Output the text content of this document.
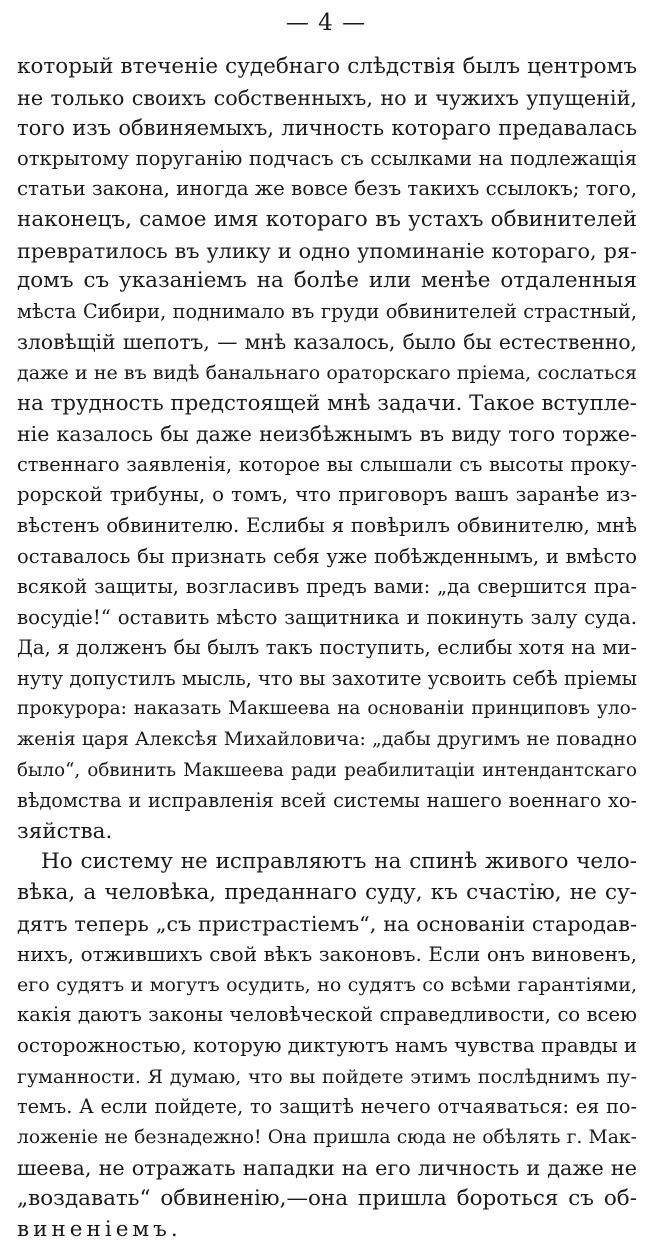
— 4 —
который втеченіе судебнаго слѣдствія былъ центромъ
не только своихъ собственныхъ, но и чужихъ упущеній,
того изъ обвиняемыхъ, личность котораго предавалась
открытому поруганію подчасъ съ ссылками на подлежащія
статьи закона, иногда же вовсе безъ такихъ ссылокъ; того,
наконецъ, самое имя котораго въ устахъ обвинителей
превратилось въ улику и одно упоминаніе котораго, ря-
домъ съ указаніемъ на болѣе или менѣе отдаленныя
мѣста Сибири, поднимало въ груди обвинителей страстный,
зловѣщій шепотъ, — мнѣ казалось, было бы естественно,
даже и не въ видѣ банальнаго ораторскаго пріема, сослаться
на трудность предстоящей мнѣ задачи. Такое вступле-
ніе казалось бы даже неизбѣжнымъ въ виду того торже-
ственнаго заявленія, которое вы слышали съ высоты проку-
рорской трибуны, о томъ, что приговоръ вашъ заранѣе из-
вѣстенъ обвинителю. Еслибы я повѣрилъ обвинителю, мнѣ
оставалось бы признать себя уже побѣжденнымъ, и вмѣсто
всякой защиты, возгласивъ предъ вами: „да свершится пра-
восудіе!“ оставить мѣсто защитника и покинуть залу суда.
Да, я долженъ бы былъ такъ поступить, еслибы хотя на ми-
нуту допустилъ мысль, что вы захотите усвоить себѣ пріемы
прокурора: наказать Макшеева на основаніи принциповъ уло-
женія царя Алексѣя Михайловича: „дабы другимъ не повадно
было“, обвинить Макшеева ради реабилитаціи интендантскаго
вѣдомства и исправленія всей системы нашего военнаго хо-
зяйства.
Но систему не исправляютъ на спинѣ живого чело-
вѣка, а человѣка, преданнаго суду, къ счастію, не су-
дятъ теперь „съ пристрастіемъ“, на основаніи стародав-
нихъ, отжившихъ свой вѣкъ законовъ. Если онъ виновенъ,
его судятъ и могутъ осудить, но судятъ со всѣми гарантіями,
какія даютъ законы человѣческой справедливости, со всею
осторожностью, которую диктуютъ намъ чувства правды и
гуманности. Я думаю, что вы пойдете этимъ послѣднимъ пу-
темъ. А если пойдете, то защитѣ нечего отчаяваться: ея по-
ложеніе не безнадежно! Она пришла сюда не обѣлять г. Мак-
шеева, не отражать нападки на его личность и даже не
„воздавать“ обвиненію,—она пришла бороться съ об-
виненіемъ.
